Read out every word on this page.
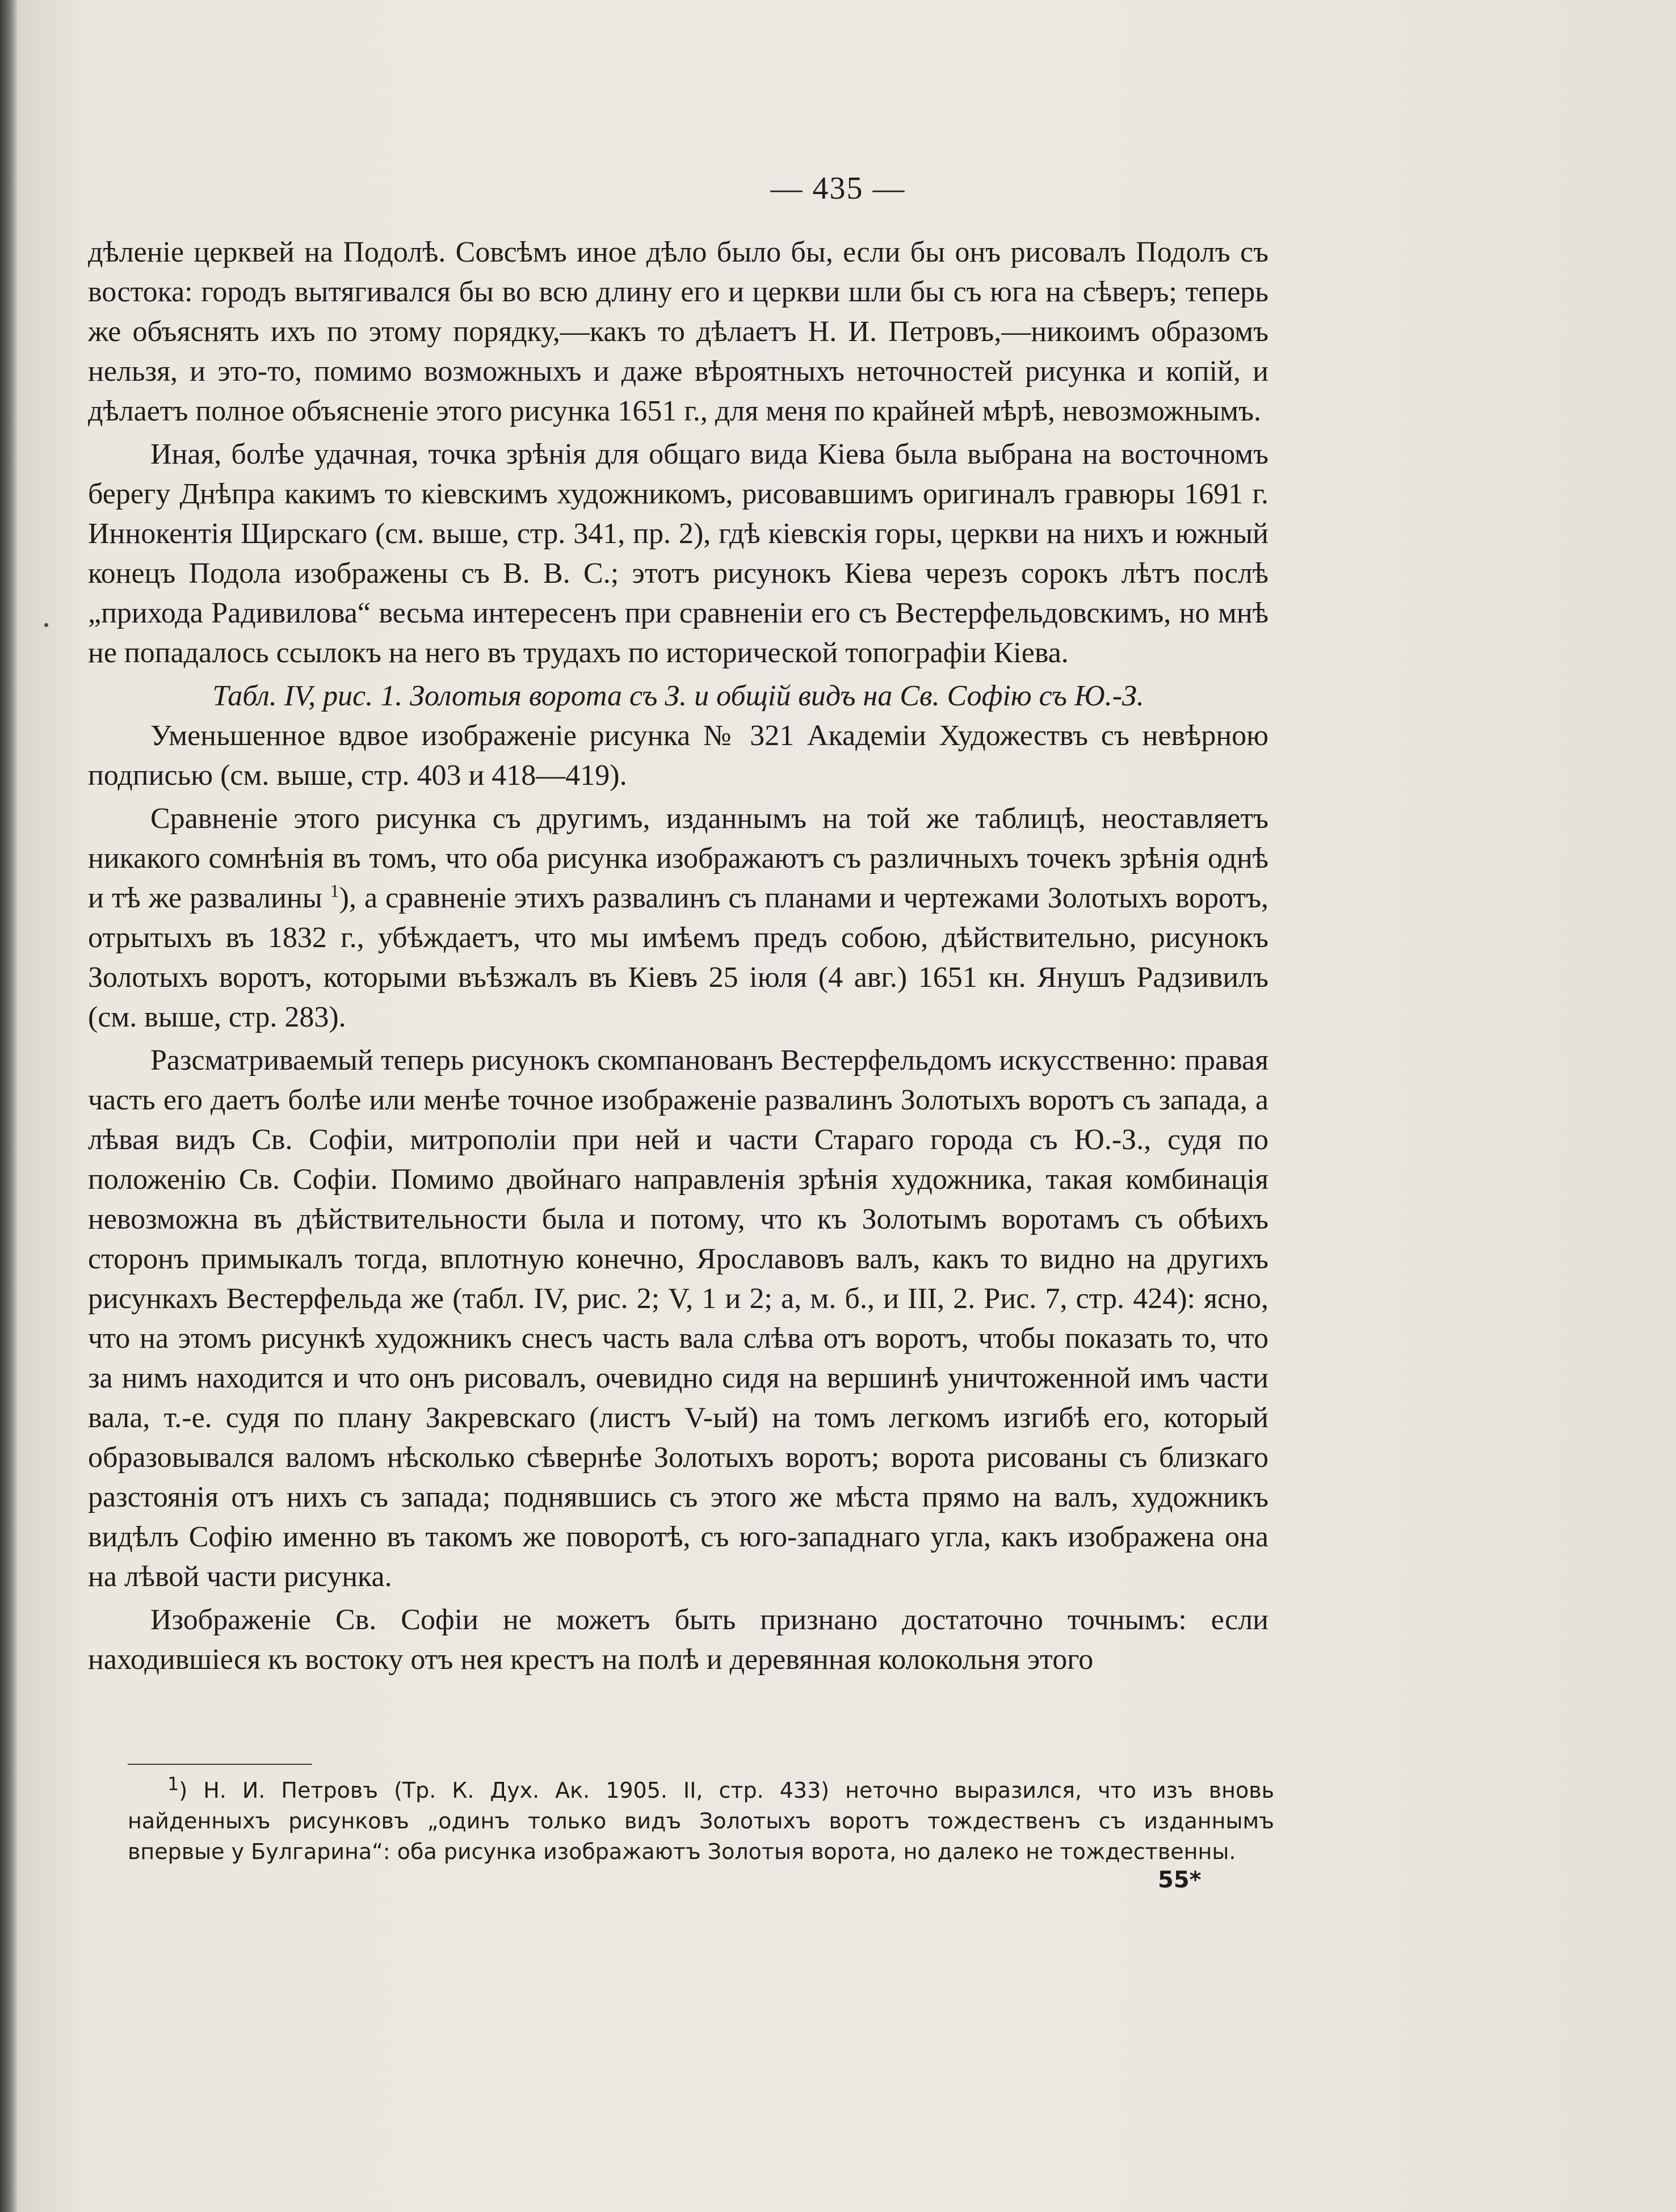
— 435 —

дѣленіе церквей на Подолѣ. Совсѣмъ иное дѣло было бы, если бы онъ рисовалъ Подолъ съ востока: городъ вытягивался бы во всю длину его и церкви шли бы съ юга на сѣверъ; теперь же объяснять ихъ по этому порядку,—какъ то дѣлаетъ Н. И. Петровъ,—никоимъ образомъ нельзя, и это-то, помимо возможныхъ и даже вѣроятныхъ неточностей рисунка и копій, и дѣлаетъ полное объясненіе этого рисунка 1651 г., для меня по крайней мѣрѣ, невозможнымъ.

Иная, болѣе удачная, точка зрѣнія для общаго вида Кіева была выбрана на восточномъ берегу Днѣпра какимъ то кіевскимъ художникомъ, рисовавшимъ оригиналъ гравюры 1691 г. Иннокентія Щирскаго (см. выше, стр. 341, пр. 2), гдѣ кіевскія горы, церкви на нихъ и южный конецъ Подола изображены съ В. В. С.; этотъ рисунокъ Кіева черезъ сорокъ лѣтъ послѣ „прихода Радивилова“ весьма интересенъ при сравненіи его съ Вестерфельдовскимъ, но мнѣ не попадалось ссылокъ на него въ трудахъ по исторической топографіи Кіева.

Табл. IV, рис. 1. Золотыя ворота съ З. и общій видъ на Св. Софію съ Ю.-З.

Уменьшенное вдвое изображеніе рисунка № 321 Академіи Художествъ съ невѣрною подписью (см. выше, стр. 403 и 418—419).

Сравненіе этого рисунка съ другимъ, изданнымъ на той же таблицѣ, неоставляетъ никакого сомнѣнія въ томъ, что оба рисунка изображаютъ съ различныхъ точекъ зрѣнія однѣ и тѣ же развалины $^1$), а сравненіе этихъ развалинъ съ планами и чертежами Золотыхъ воротъ, отрытыхъ въ 1832 г., убѣждаетъ, что мы имѣемъ предъ собою, дѣйствительно, рисунокъ Золотыхъ воротъ, которыми въѣзжалъ въ Кіевъ 25 іюля (4 авг.) 1651 кн. Янушъ Радзивилъ (см. выше, стр. 283).

Разсматриваемый теперь рисунокъ скомпанованъ Вестерфельдомъ искусственно: правая часть его даетъ болѣе или менѣе точное изображеніе развалинъ Золотыхъ воротъ съ запада, а лѣвая видъ Св. Софіи, митрополіи при ней и части Стараго города съ Ю.-З., судя по положенію Св. Софіи. Помимо двойнаго направленія зрѣнія художника, такая комбинація невозможна въ дѣйствительности была и потому, что къ Золотымъ воротамъ съ обѣихъ сторонъ примыкалъ тогда, вплотную конечно, Ярославовъ валъ, какъ то видно на другихъ рисункахъ Вестерфельда же (табл. IV, рис. 2; V, 1 и 2; а, м. б., и III, 2. Рис. 7, стр. 424): ясно, что на этомъ рисункѣ художникъ снесъ часть вала слѣва отъ воротъ, чтобы показать то, что за нимъ находится и что онъ рисовалъ, очевидно сидя на вершинѣ уничтоженной имъ части вала, т.-е. судя по плану Закревскаго (листъ V-ый) на томъ легкомъ изгибѣ его, который образовывался валомъ нѣсколько сѣвернѣе Золотыхъ воротъ; ворота рисованы съ близкаго разстоянія отъ нихъ съ запада; поднявшись съ этого же мѣста прямо на валъ, художникъ видѣлъ Софію именно въ такомъ же поворотѣ, съ юго-западнаго угла, какъ изображена она на лѣвой части рисунка.

Изображеніе Св. Софіи не можетъ быть признано достаточно точнымъ: если находившіеся къ востоку отъ нея крестъ на полѣ и деревянная колокольня этого

$^1$) Н. И. Петровъ (Тр. К. Дух. Ак. 1905. II, стр. 433) неточно выразился, что изъ вновь найденныхъ рисунковъ „одинъ только видъ Золотыхъ воротъ тождественъ съ изданнымъ впервые у Булгарина“: оба рисунка изображаютъ Золотыя ворота, но далеко не тождественны.
55*
